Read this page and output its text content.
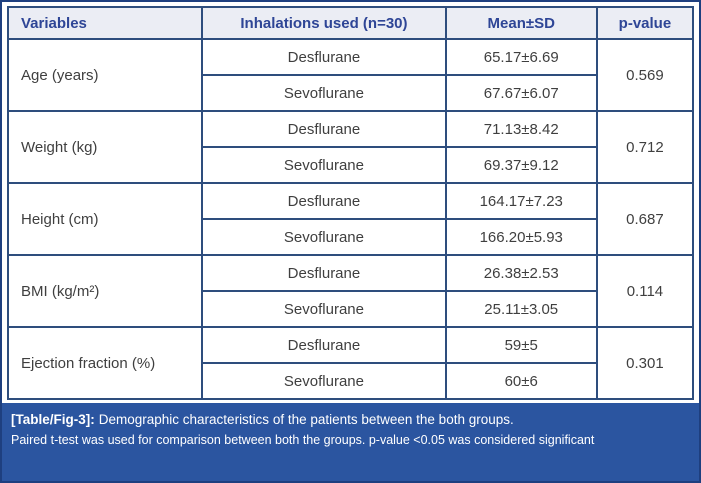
Variables	Inhalations used (n=30)	Mean±SD	p-value
Age (years)	Desflurane	65.17±6.69	0.569
	Sevoflurane	67.67±6.07	
Weight (kg)	Desflurane	71.13±8.42	0.712
	Sevoflurane	69.37±9.12	
Height (cm)	Desflurane	164.17±7.23	0.687
	Sevoflurane	166.20±5.93	
BMI (kg/m²)	Desflurane	26.38±2.53	0.114
	Sevoflurane	25.11±3.05	
Ejection fraction (%)	Desflurane	59±5	0.301
	Sevoflurane	60±6	
[Table/Fig-3]: Demographic characteristics of the patients between the both groups.
Paired t-test was used for comparison between both the groups. p-value <0.05 was considered significant
